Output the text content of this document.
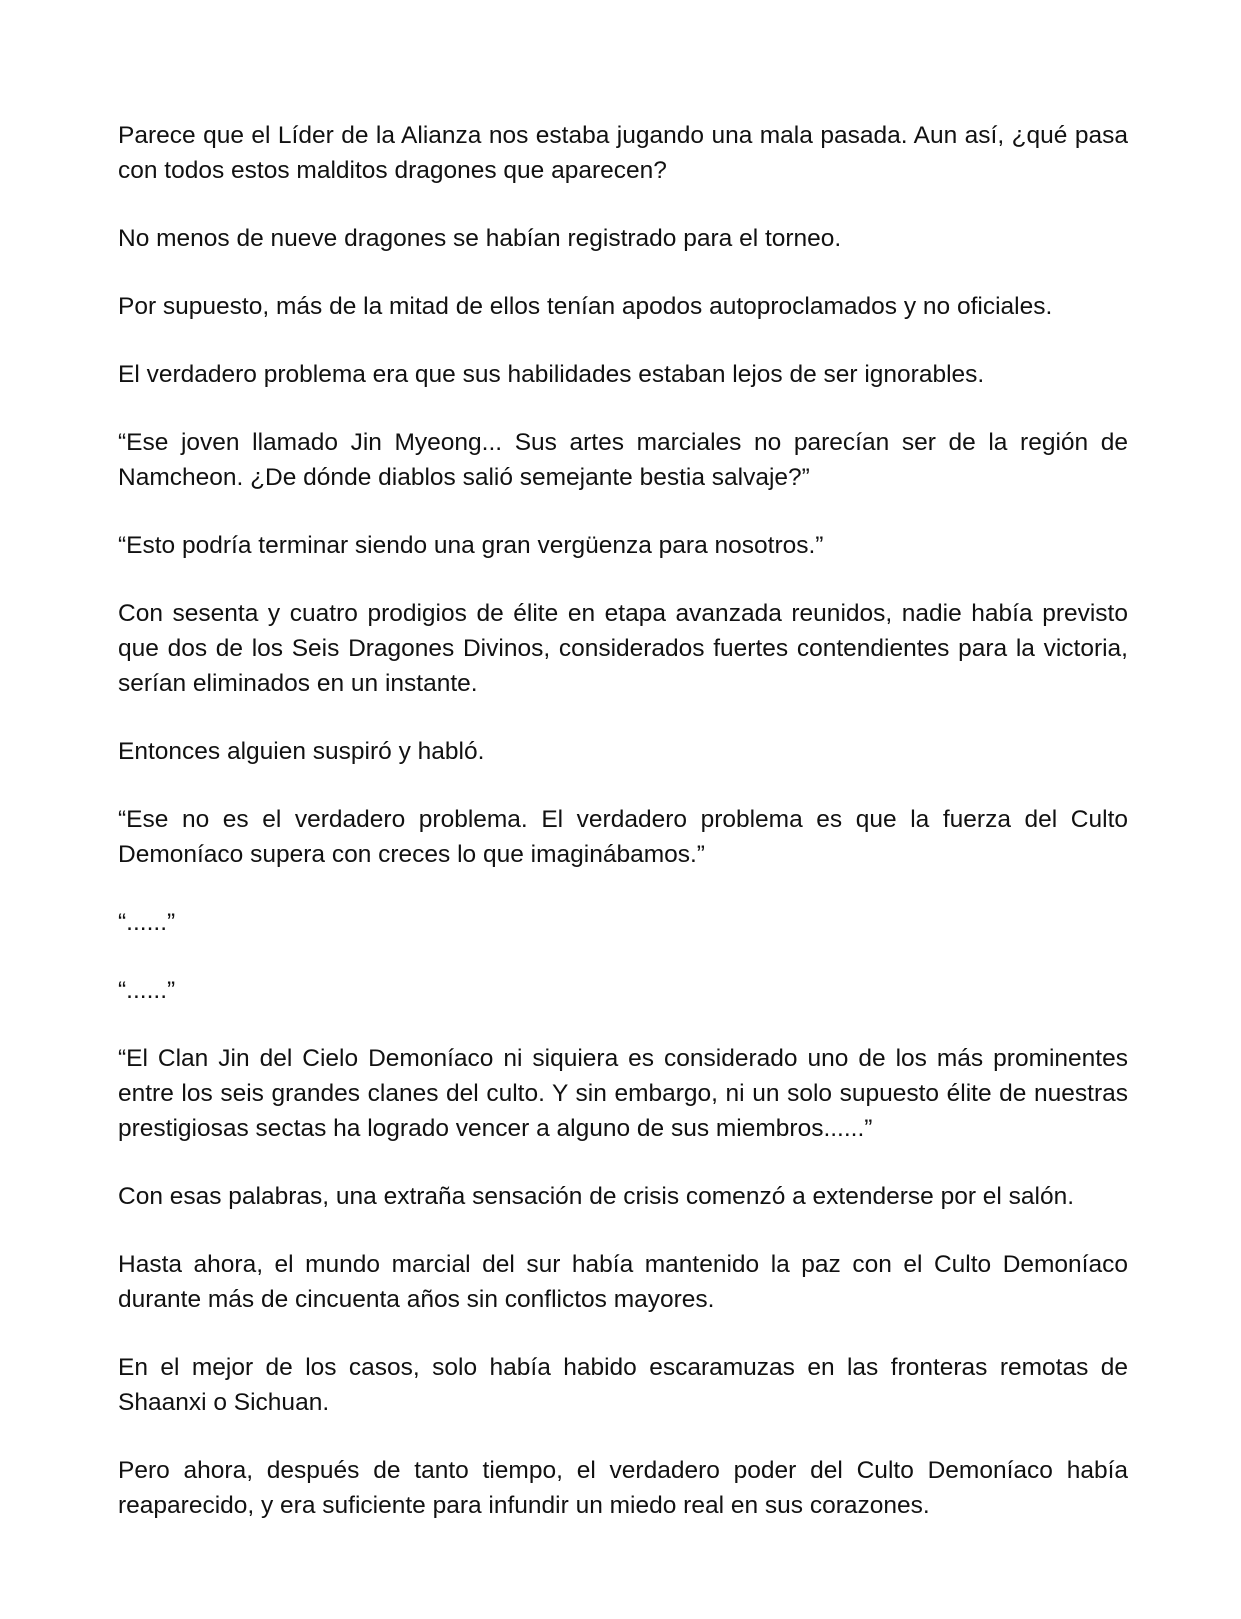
Parece que el Líder de la Alianza nos estaba jugando una mala pasada. Aun así, ¿qué pasa con todos estos malditos dragones que aparecen?

No menos de nueve dragones se habían registrado para el torneo.

Por supuesto, más de la mitad de ellos tenían apodos autoproclamados y no oficiales.

El verdadero problema era que sus habilidades estaban lejos de ser ignorables.

“Ese joven llamado Jin Myeong... Sus artes marciales no parecían ser de la región de Namcheon. ¿De dónde diablos salió semejante bestia salvaje?”

“Esto podría terminar siendo una gran vergüenza para nosotros.”

Con sesenta y cuatro prodigios de élite en etapa avanzada reunidos, nadie había previsto que dos de los Seis Dragones Divinos, considerados fuertes contendientes para la victoria, serían eliminados en un instante.

Entonces alguien suspiró y habló.

“Ese no es el verdadero problema. El verdadero problema es que la fuerza del Culto Demoníaco supera con creces lo que imaginábamos.”

“......”

“......”

“El Clan Jin del Cielo Demoníaco ni siquiera es considerado uno de los más prominentes entre los seis grandes clanes del culto. Y sin embargo, ni un solo supuesto élite de nuestras prestigiosas sectas ha logrado vencer a alguno de sus miembros......”

Con esas palabras, una extraña sensación de crisis comenzó a extenderse por el salón.

Hasta ahora, el mundo marcial del sur había mantenido la paz con el Culto Demoníaco durante más de cincuenta años sin conflictos mayores.

En el mejor de los casos, solo había habido escaramuzas en las fronteras remotas de Shaanxi o Sichuan.

Pero ahora, después de tanto tiempo, el verdadero poder del Culto Demoníaco había reaparecido, y era suficiente para infundir un miedo real en sus corazones.
